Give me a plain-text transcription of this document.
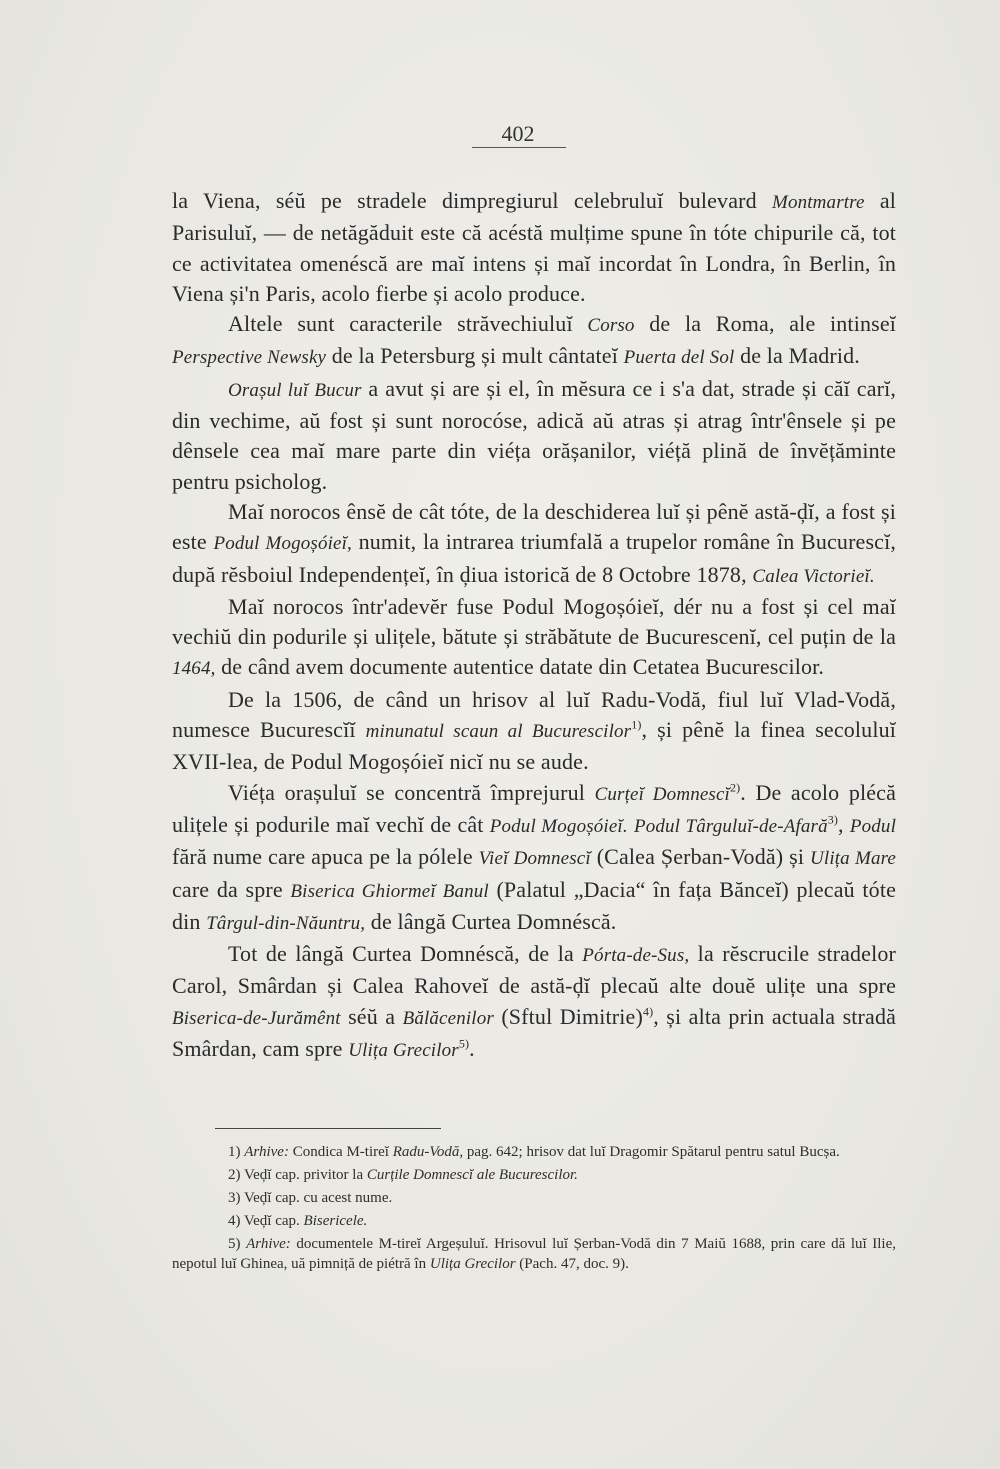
402

la Viena, séŭ pe stradele dimpregiurul celebruluĭ bulevard Montmartre al Parisuluĭ, — de netăgăduit este că acéstă mulțime spune în tóte chipurile că, tot ce activitatea omenéscă are maĭ intens și maĭ incordat în Londra, în Berlin, în Viena și'n Paris, acolo fierbe și acolo produce.

Altele sunt caracterile străvechiuluĭ Corso de la Roma, ale intinseĭ Perspective Newsky de la Petersburg și mult cântateĭ Puerta del Sol de la Madrid.

Orașul luĭ Bucur a avut și are și el, în mĕsura ce i s'a dat, strade și căĭ carĭ, din vechime, aŭ fost și sunt norocóse, adică aŭ atras și atrag într'ênsele și pe dênsele cea maĭ mare parte din viéța orășanilor, viéță plină de învĕțăminte pentru psicholog.

Maĭ norocos ênsĕ de cât tóte, de la deschiderea luĭ și pênĕ astă-ḑĭ, a fost și este Podul Mogoșóieĭ, numit, la intrarea triumfală a trupelor române în Bucurescĭ, după rĕsboiul Independențeĭ, în ḑiua istorică de 8 Octobre 1878, Calea Victorieĭ.

Maĭ norocos într'adevĕr fuse Podul Mogoșóieĭ, dér nu a fost și cel maĭ vechiŭ din podurile și ulițele, bătute și străbătute de Bucurescenĭ, cel puțin de la 1464, de când avem documente autentice datate din Cetatea Bucurescilor.

De la 1506, de când un hrisov al luĭ Radu-Vodă, fiul luĭ Vlad-Vodă, numesce Bucurescĭĭ minunatul scaun al Bucurescilor$^{1)}$, și pênĕ la finea secoluluĭ XVII-lea, de Podul Mogoșóieĭ nicĭ nu se aude.

Viéța orașuluĭ se concentră împrejurul Curțeĭ Domnescĭ$^{2)}$. De acolo plécă ulițele și podurile maĭ vechĭ de cât Podul Mogoșóieĭ. Podul Târguluĭ-de-Afară$^{3)}$, Podul fără nume care apuca pe la pólele Vieĭ Domnescĭ (Calea Șerban-Vodă) și Ulița Mare care da spre Biserica Ghiormeĭ Banul (Palatul „Dacia“ în fața Bănceĭ) plecaŭ tóte din Târgul-din-Năuntru, de lângă Curtea Domnéscă.

Tot de lângă Curtea Domnéscă, de la Pórta-de-Sus, la rĕscrucile stradelor Carol, Smârdan și Calea Rahoveĭ de astă-ḑĭ plecaŭ alte douĕ ulițe una spre Biserica-de-Jurămênt séŭ a Bălăcenilor (Sftul Dimitrie)$^{4)}$, și alta prin actuala stradă Smârdan, cam spre Ulița Grecilor$^{5)}$.

1) Arhive: Condica M-tireĭ Radu-Vodă, pag. 642; hrisov dat luĭ Dragomir Spătarul pentru satul Bucșa.

2) Veḑĭ cap. privitor la Curțile Domnescĭ ale Bucurescilor.

3) Veḑĭ cap. cu acest nume.

4) Veḑĭ cap. Bisericele.

5) Arhive: documentele M-tireĭ Argeșuluĭ. Hrisovul luĭ Șerban-Vodă din 7 Maiŭ 1688, prin care dă luĭ Ilie, nepotul luĭ Ghinea, uă pimniță de piétră în Ulița Grecilor (Pach. 47, doc. 9).
